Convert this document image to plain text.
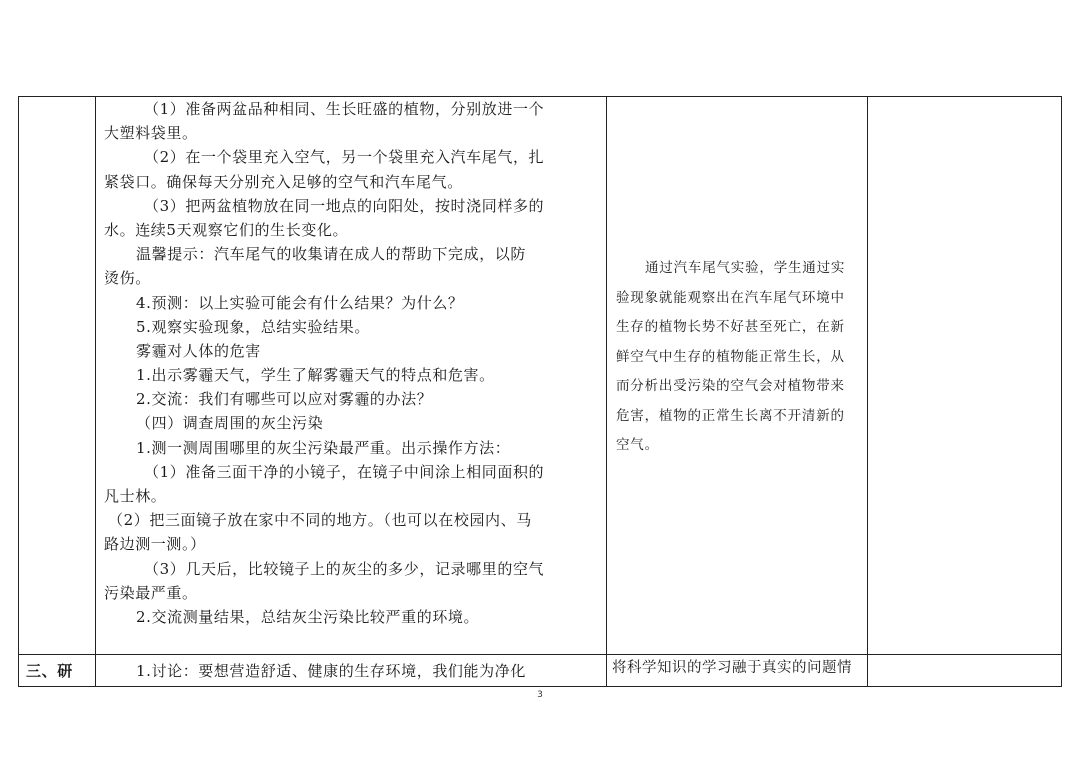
（1）准备两盆品种相同、生长旺盛的植物，分别放进一个
大塑料袋里。
（2）在一个袋里充入空气，另一个袋里充入汽车尾气，扎
紧袋口。确保每天分别充入足够的空气和汽车尾气。
（3）把两盆植物放在同一地点的向阳处，按时浇同样多的
水。连续5天观察它们的生长变化。
温馨提示：汽车尾气的收集请在成人的帮助下完成，以防
烫伤。
4.预测：以上实验可能会有什么结果？为什么？
5.观察实验现象，总结实验结果。
雾霾对人体的危害
1.出示雾霾天气，学生了解雾霾天气的特点和危害。
2.交流：我们有哪些可以应对雾霾的办法？
（四）调查周围的灰尘污染
1.测一测周围哪里的灰尘污染最严重。出示操作方法：
（1）准备三面干净的小镜子，在镜子中间涂上相同面积的
凡士林。
（2）把三面镜子放在家中不同的地方。（也可以在校园内、马
路边测一测。）
（3）几天后，比较镜子上的灰尘的多少，记录哪里的空气
污染最严重。
2.交流测量结果，总结灰尘污染比较严重的环境。
通过汽车尾气实验，学生通过实
验现象就能观察出在汽车尾气环境中
生存的植物长势不好甚至死亡，在新
鲜空气中生存的植物能正常生长，从
而分析出受污染的空气会对植物带来
危害，植物的正常生长离不开清新的
空气。
三、研	1.讨论：要想营造舒适、健康的生存环境，我们能为净化	将科学知识的学习融于真实的问题情
3
